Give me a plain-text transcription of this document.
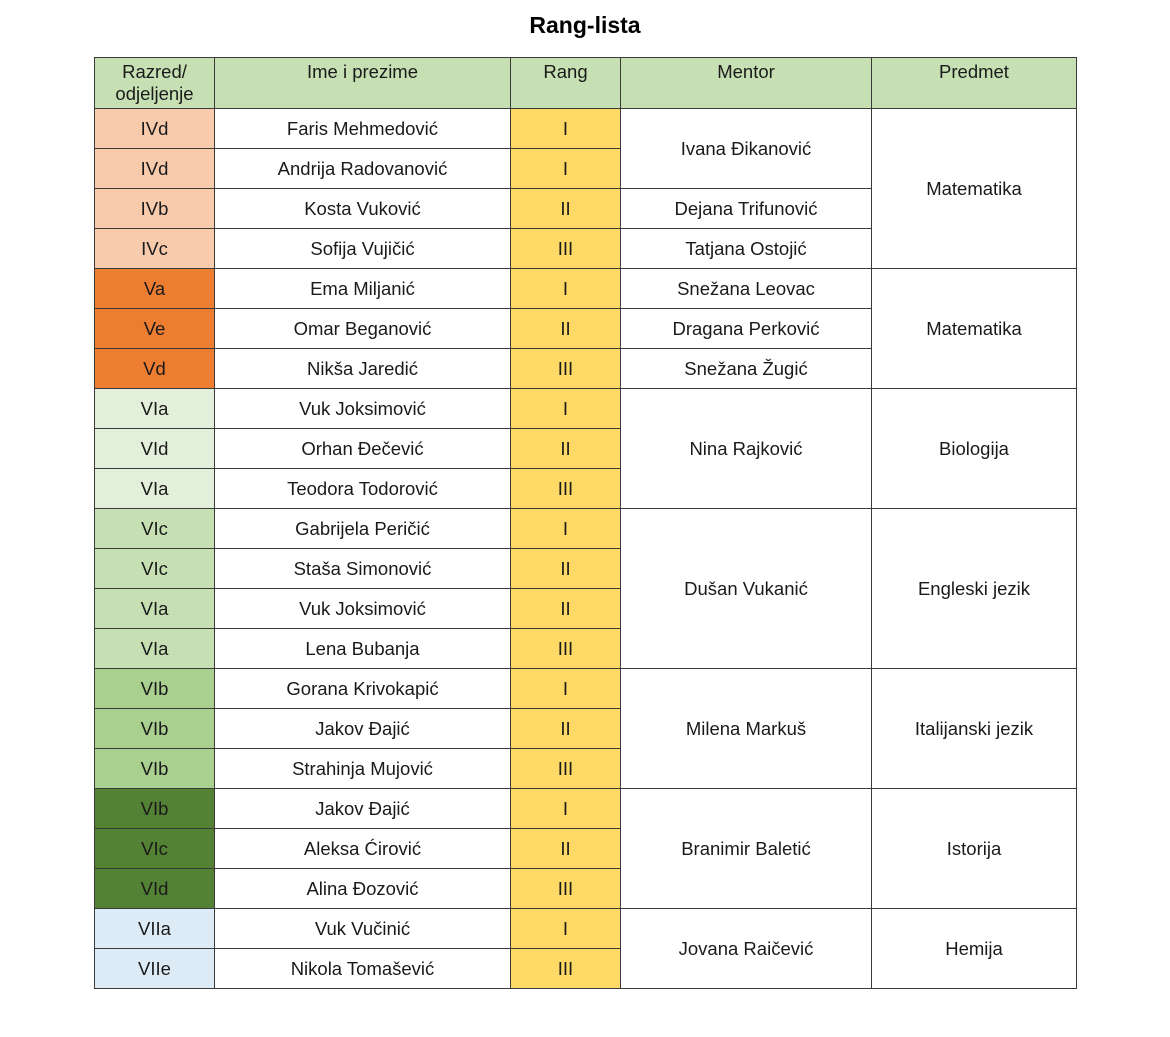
Rang-lista
Razred/ odjeljenje	Ime i prezime	Rang	Mentor	Predmet
IVd	Faris Mehmedović	I	Ivana Đikanović	Matematika
IVd	Andrija Radovanović	I		
IVb	Kosta Vuković	II	Dejana Trifunović	
IVc	Sofija Vujičić	III	Tatjana Ostojić	
Va	Ema Miljanić	I	Snežana Leovac	Matematika
Ve	Omar Beganović	II	Dragana Perković	
Vd	Nikša Jaredić	III	Snežana Žugić	
VIa	Vuk Joksimović	I	Nina Rajković	Biologija
VId	Orhan Đečević	II		
VIa	Teodora Todorović	III		
VIc	Gabrijela Peričić	I	Dušan Vukanić	Engleski jezik
VIc	Staša Simonović	II		
VIa	Vuk Joksimović	II		
VIa	Lena Bubanja	III		
VIb	Gorana Krivokapić	I	Milena Markuš	Italijanski jezik
VIb	Jakov Đajić	II		
VIb	Strahinja Mujović	III		
VIb	Jakov Đajić	I	Branimir Baletić	Istorija
VIc	Aleksa Ćirović	II		
VId	Alina Đozović	III		
VIIa	Vuk Vučinić	I	Jovana Raičević	Hemija
VIIe	Nikola Tomašević	III		
